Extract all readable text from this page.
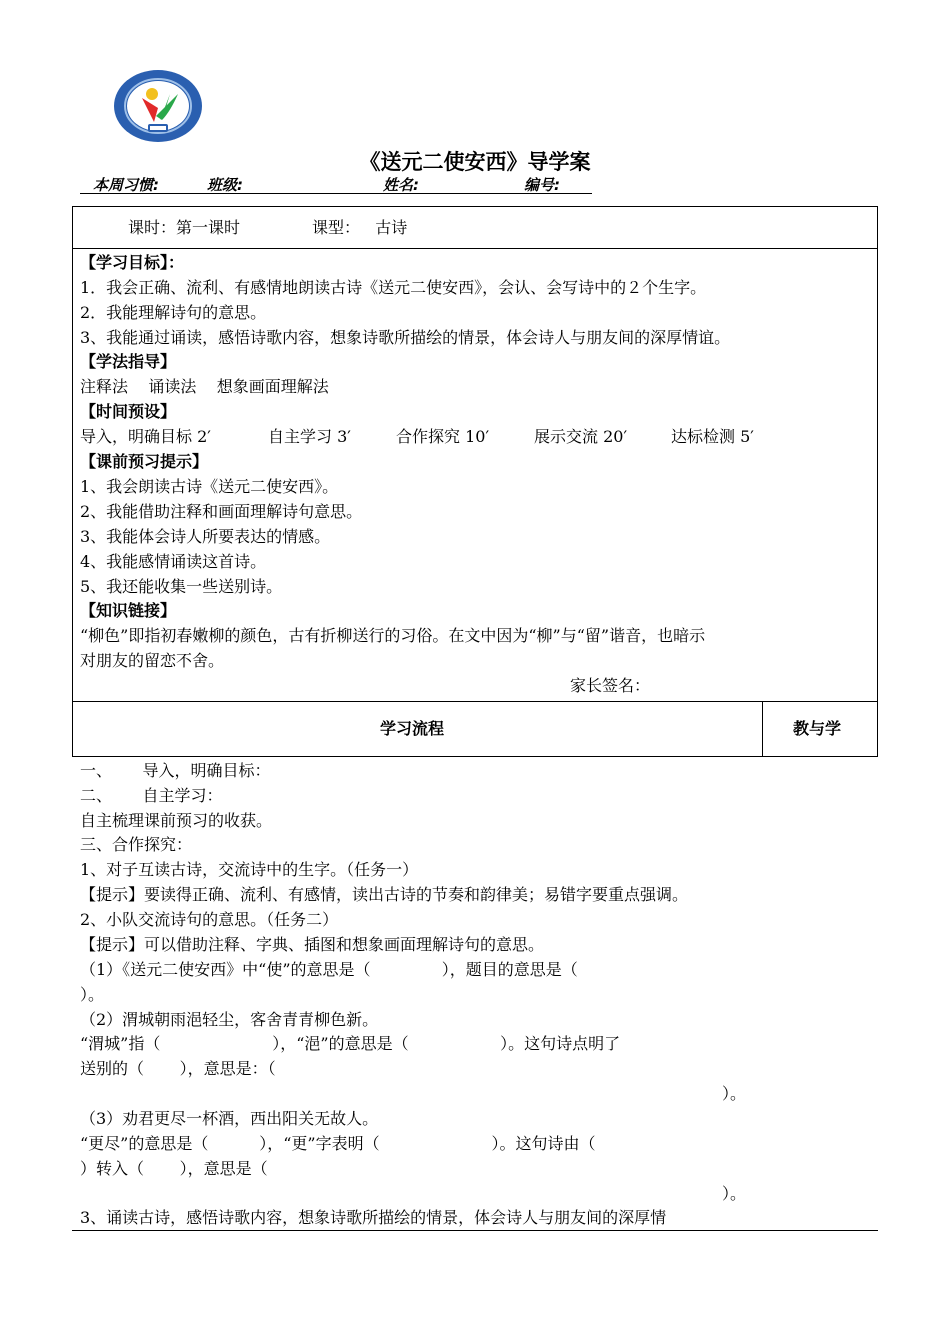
《送元二使安西》导学案
本周习惯:	班级:	姓名:	编号:
课时：第一课时	课型：   古诗
【学习目标】：
1．我会正确、流利、有感情地朗读古诗《送元二使安西》，会认、会写诗中的２个生字。
2．我能理解诗句的意思。
3、我能通过诵读，感悟诗歌内容，想象诗歌所描绘的情景，体会诗人与朋友间的深厚情谊。
【学法指导】
注释法    诵读法    想象画面理解法
【时间预设】
导入，明确目标 2′	自主学习 3′	合作探究 10′	展示交流 20′	达标检测 5′
【课前预习提示】
1、我会朗读古诗《送元二使安西》。
2、我能借助注释和画面理解诗句意思。
3、我能体会诗人所要表达的情感。
4、我能感情诵读这首诗。
5、我还能收集一些送别诗。
【知识链接】
“柳色”即指初春嫩柳的颜色，古有折柳送行的习俗。在文中因为“柳”与“留”谐音，也暗示
对朋友的留恋不舍。
家长签名：
学习流程	教与学
一、      导入，明确目标：
二、      自主学习：
自主梳理课前预习的收获。
三、合作探究：
1、对子互读古诗，交流诗中的生字。（任务一）
【提示】要读得正确、流利、有感情，读出古诗的节奏和韵律美；易错字要重点强调。
2、小队交流诗句的意思。（任务二）
【提示】可以借助注释、字典、插图和想象画面理解诗句的意思。
（1）《送元二使安西》中“使”的意思是（              ），题目的意思是（
）。
（2）渭城朝雨浥轻尘，客舍青青柳色新。
“渭城”指（                      ），“浥”的意思是（                  ）。这句诗点明了
送别的（       ），意思是：（
）。
（3）劝君更尽一杯酒，西出阳关无故人。
“更尽”的意思是（          ），“更”字表明（                      ）。这句诗由（
）转入（       ），意思是（
）。
3、诵读古诗，感悟诗歌内容，想象诗歌所描绘的情景，体会诗人与朋友间的深厚情
